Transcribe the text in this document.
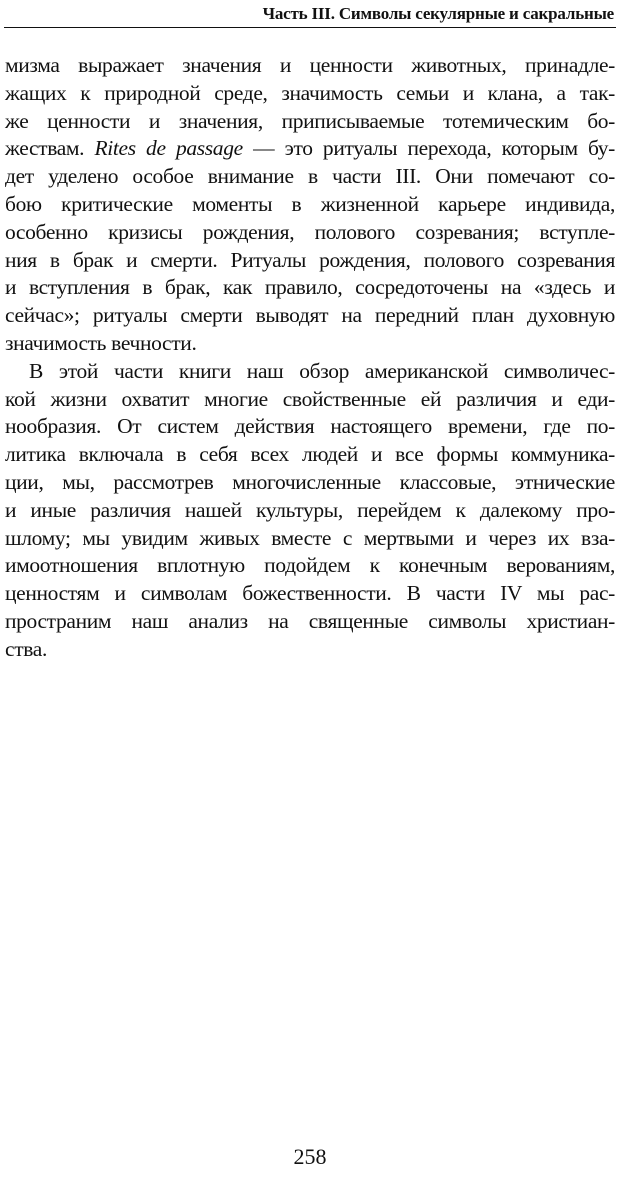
Часть III. Символы секулярные и сакральные
мизма выражает значения и ценности животных, принадле-
жащих к природной среде, значимость семьи и клана, а так-
же ценности и значения, приписываемые тотемическим бо-
жествам. Rites de passage — это ритуалы перехода, которым бу-
дет уделено особое внимание в части III. Они помечают со-
бою критические моменты в жизненной карьере индивида,
особенно кризисы рождения, полового созревания; вступле-
ния в брак и смерти. Ритуалы рождения, полового созревания
и вступления в брак, как правило, сосредоточены на «здесь и
сейчас»; ритуалы смерти выводят на передний план духовную
значимость вечности.
В этой части книги наш обзор американской символичес-
кой жизни охватит многие свойственные ей различия и еди-
нообразия. От систем действия настоящего времени, где по-
литика включала в себя всех людей и все формы коммуника-
ции, мы, рассмотрев многочисленные классовые, этнические
и иные различия нашей культуры, перейдем к далекому про-
шлому; мы увидим живых вместе с мертвыми и через их вза-
имоотношения вплотную подойдем к конечным верованиям,
ценностям и символам божественности. В части IV мы рас-
пространим наш анализ на священные символы христиан-
ства.
258
